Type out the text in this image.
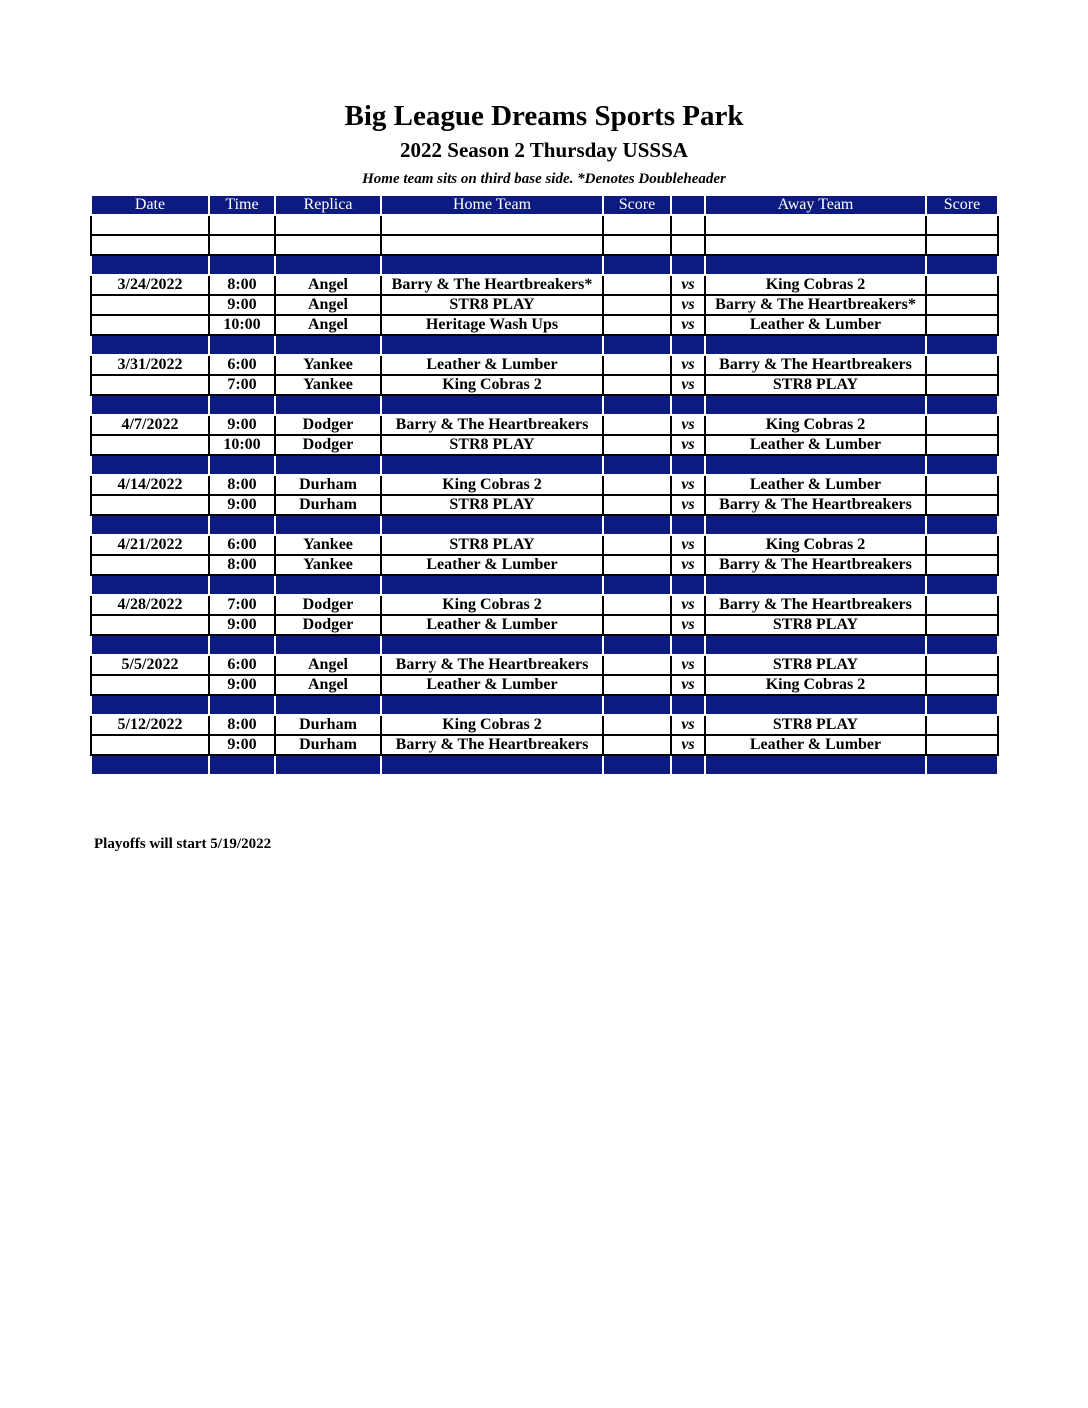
Big League Dreams Sports Park
2022 Season 2 Thursday USSSA
Home team sits on third base side. *Denotes Doubleheader
Date	Time	Replica	Home Team	Score		Away Team	Score

3/24/2022	8:00	Angel	Barry & The Heartbreakers*		vs	King Cobras 2	
	9:00	Angel	STR8 PLAY		vs	Barry & The Heartbreakers*	
	10:00	Angel	Heritage Wash Ups		vs	Leather & Lumber	

3/31/2022	6:00	Yankee	Leather & Lumber		vs	Barry & The Heartbreakers	
	7:00	Yankee	King Cobras 2		vs	STR8 PLAY	

4/7/2022	9:00	Dodger	Barry & The Heartbreakers		vs	King Cobras 2	
	10:00	Dodger	STR8 PLAY		vs	Leather & Lumber	

4/14/2022	8:00	Durham	King Cobras 2		vs	Leather & Lumber	
	9:00	Durham	STR8 PLAY		vs	Barry & The Heartbreakers	

4/21/2022	6:00	Yankee	STR8 PLAY		vs	King Cobras 2	
	8:00	Yankee	Leather & Lumber		vs	Barry & The Heartbreakers	

4/28/2022	7:00	Dodger	King Cobras 2		vs	Barry & The Heartbreakers	
	9:00	Dodger	Leather & Lumber		vs	STR8 PLAY	

5/5/2022	6:00	Angel	Barry & The Heartbreakers		vs	STR8 PLAY	
	9:00	Angel	Leather & Lumber		vs	King Cobras 2	

5/12/2022	8:00	Durham	King Cobras 2		vs	STR8 PLAY	
	9:00	Durham	Barry & The Heartbreakers		vs	Leather & Lumber	

Playoffs will start 5/19/2022
